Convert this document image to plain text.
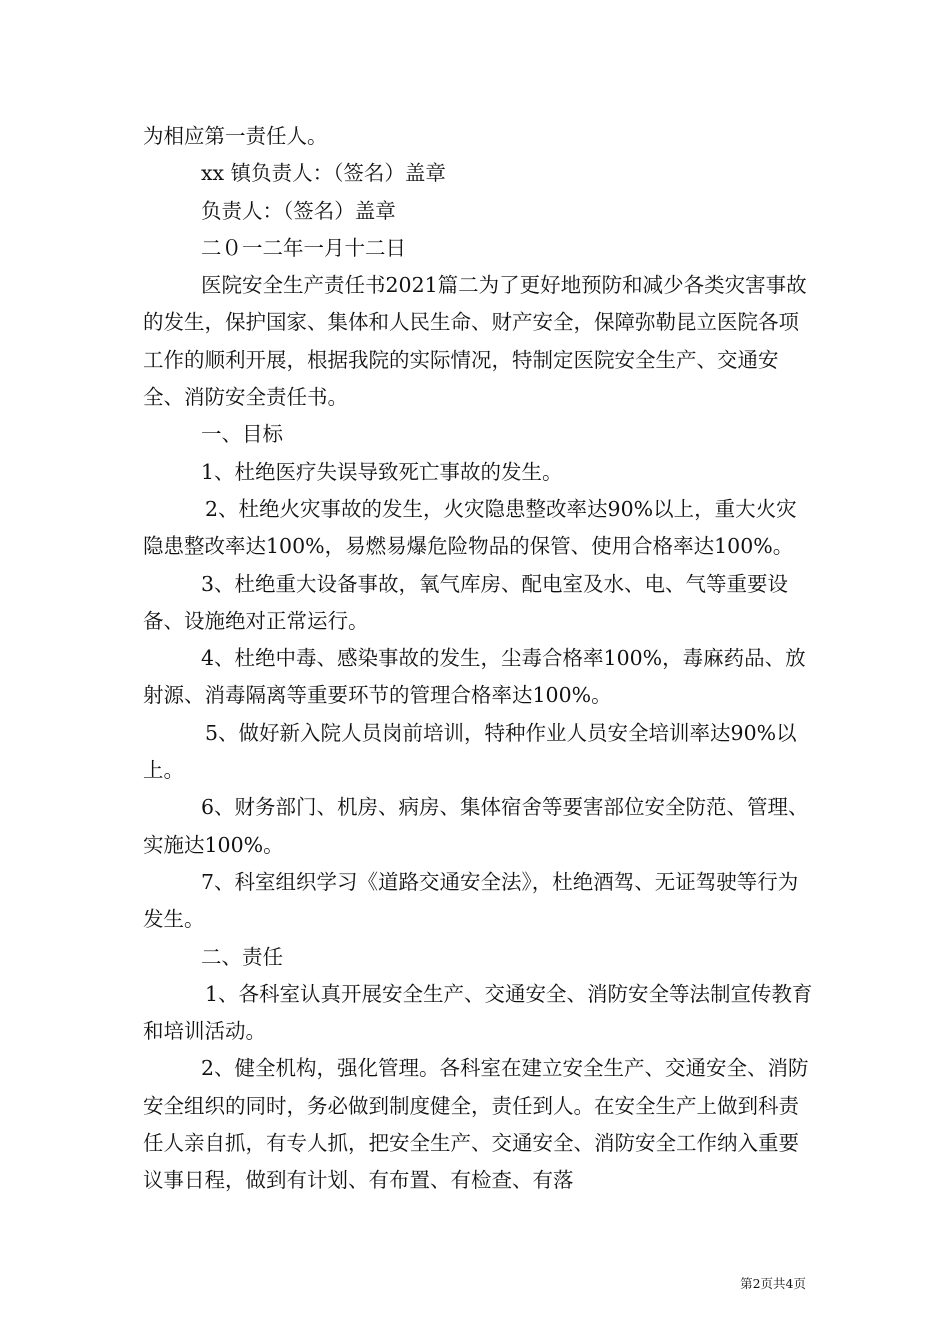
为相应第一责任人。

xx 镇负责人：（签名）盖章

负责人：（签名）盖章

二０一二年一月十二日

医院安全生产责任书2021篇二为了更好地预防和减少各类灾害事故的发生，保护国家、集体和人民生命、财产安全，保障弥勒昆立医院各项工作的顺利开展，根据我院的实际情况，特制定医院安全生产、交通安全、消防安全责任书。

一、目标

1、杜绝医疗失误导致死亡事故的发生。

2、杜绝火灾事故的发生，火灾隐患整改率达90%以上，重大火灾隐患整改率达100%，易燃易爆危险物品的保管、使用合格率达100%。

3、杜绝重大设备事故，氧气库房、配电室及水、电、气等重要设备、设施绝对正常运行。

4、杜绝中毒、感染事故的发生，尘毒合格率100%，毒麻药品、放射源、消毒隔离等重要环节的管理合格率达100%。

5、做好新入院人员岗前培训，特种作业人员安全培训率达90%以上。

6、财务部门、机房、病房、集体宿舍等要害部位安全防范、管理、实施达100%。

7、科室组织学习《道路交通安全法》，杜绝酒驾、无证驾驶等行为发生。

二、责任

1、各科室认真开展安全生产、交通安全、消防安全等法制宣传教育和培训活动。

2、健全机构，强化管理。各科室在建立安全生产、交通安全、消防安全组织的同时，务必做到制度健全，责任到人。在安全生产上做到科责任人亲自抓，有专人抓，把安全生产、交通安全、消防安全工作纳入重要议事日程，做到有计划、有布置、有检查、有落

第2页共4页
